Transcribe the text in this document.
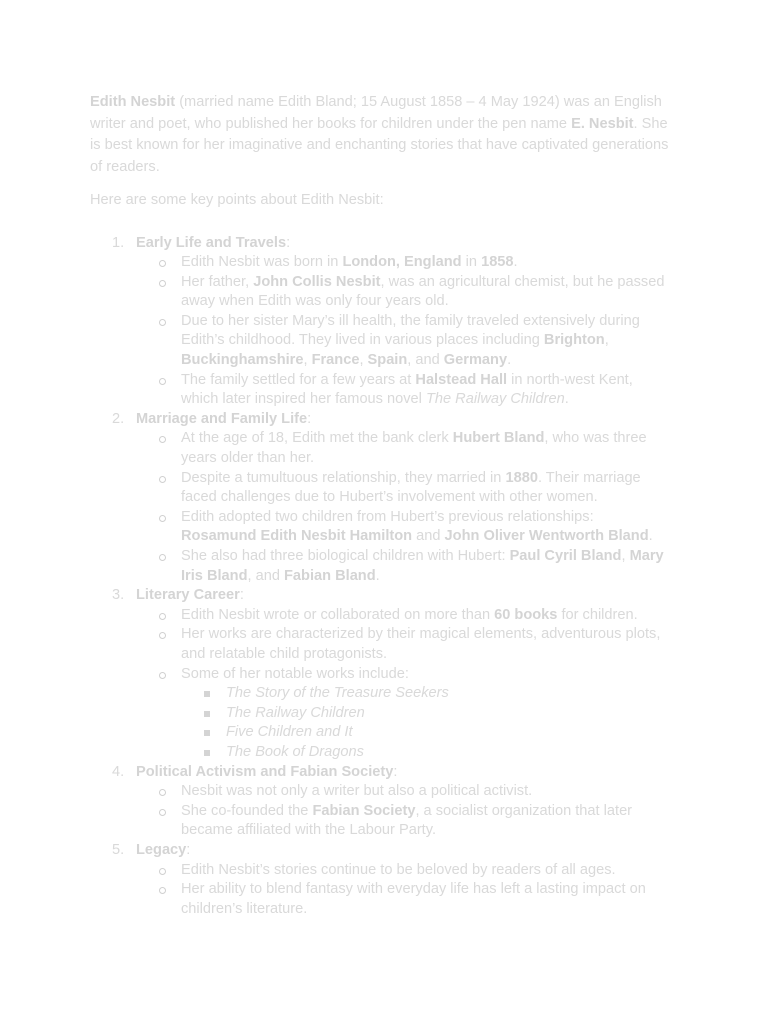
Edith Nesbit (married name Edith Bland; 15 August 1858 – 4 May 1924) was an English writer and poet, who published her books for children under the pen name E. Nesbit. She is best known for her imaginative and enchanting stories that have captivated generations of readers.

Here are some key points about Edith Nesbit:

1. Early Life and Travels:
Edith Nesbit was born in London, England in 1858.
Her father, John Collis Nesbit, was an agricultural chemist, but he passed away when Edith was only four years old.
Due to her sister Mary’s ill health, the family traveled extensively during Edith’s childhood. They lived in various places including Brighton, Buckinghamshire, France, Spain, and Germany.
The family settled for a few years at Halstead Hall in north-west Kent, which later inspired her famous novel The Railway Children.
2. Marriage and Family Life:
At the age of 18, Edith met the bank clerk Hubert Bland, who was three years older than her.
Despite a tumultuous relationship, they married in 1880. Their marriage faced challenges due to Hubert’s involvement with other women.
Edith adopted two children from Hubert’s previous relationships: Rosamund Edith Nesbit Hamilton and John Oliver Wentworth Bland.
She also had three biological children with Hubert: Paul Cyril Bland, Mary Iris Bland, and Fabian Bland.
3. Literary Career:
Edith Nesbit wrote or collaborated on more than 60 books for children.
Her works are characterized by their magical elements, adventurous plots, and relatable child protagonists.
Some of her notable works include:
The Story of the Treasure Seekers
The Railway Children
Five Children and It
The Book of Dragons
4. Political Activism and Fabian Society:
Nesbit was not only a writer but also a political activist.
She co-founded the Fabian Society, a socialist organization that later became affiliated with the Labour Party.
5. Legacy:
Edith Nesbit’s stories continue to be beloved by readers of all ages.
Her ability to blend fantasy with everyday life has left a lasting impact on children’s literature.
